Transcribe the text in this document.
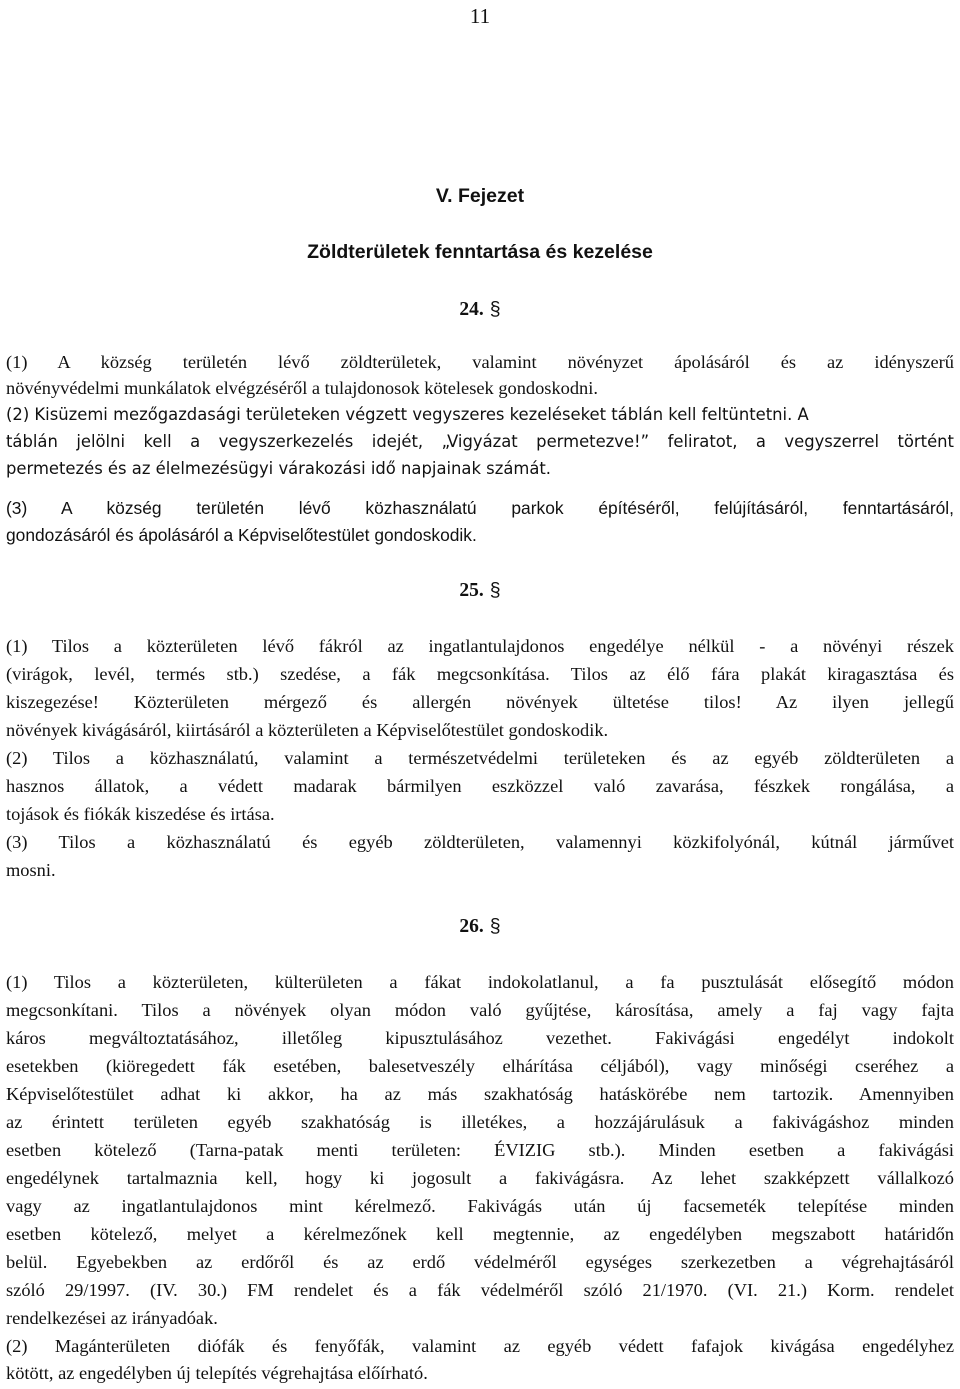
11

V. Fejezet

Zöldterületek fenntartása és kezelése

24. §

(1) A község területén lévő zöldterületek, valamint növényzet ápolásáról és az idényszerű

növényvédelmi munkálatok elvégzéséről a tulajdonosok kötelesek gondoskodni.

(2) Kisüzemi mezőgazdasági területeken végzett vegyszeres kezeléseket táblán kell feltüntetni. A

táblán jelölni kell a vegyszerkezelés idejét, „Vigyázat permetezve!” feliratot, a vegyszerrel történt

permetezés és az élelmezésügyi várakozási idő napjainak számát.

(3) A község területén lévő közhasználatú parkok építéséről, felújításáról, fenntartásáról,

gondozásáról és ápolásáról a Képviselőtestület gondoskodik.

25. §

(1) Tilos a közterületen lévő fákról az ingatlantulajdonos engedélye nélkül - a növényi részek

(virágok, levél, termés stb.) szedése, a fák megcsonkítása. Tilos az élő fára plakát kiragasztása és

kiszegezése! Közterületen mérgező és allergén növények ültetése tilos! Az ilyen jellegű

növények kivágásáról, kiirtásáról a közterületen a Képviselőtestület gondoskodik.

(2) Tilos a közhasználatú, valamint a természetvédelmi területeken és az egyéb zöldterületen a

hasznos állatok, a védett madarak bármilyen eszközzel való zavarása, fészkek rongálása, a

tojások és fiókák kiszedése és irtása.

(3) Tilos a közhasználatú és egyéb zöldterületen, valamennyi közkifolyónál, kútnál járművet

mosni.

26. §

(1) Tilos a közterületen, külterületen a fákat indokolatlanul, a fa pusztulását elősegítő módon

megcsonkítani. Tilos a növények olyan módon való gyűjtése, károsítása, amely a faj vagy fajta

káros megváltoztatásához, illetőleg kipusztulásához vezethet. Fakivágási engedélyt indokolt

esetekben (kiöregedett fák esetében, balesetveszély elhárítása céljából), vagy minőségi cseréhez a

Képviselőtestület adhat ki akkor, ha az más szakhatóság hatáskörébe nem tartozik. Amennyiben

az érintett területen egyéb szakhatóság is illetékes, a hozzájárulásuk a fakivágáshoz minden

esetben kötelező (Tarna-patak menti területen: ÉVIZIG stb.). Minden esetben a fakivágási

engedélynek tartalmaznia kell, hogy ki jogosult a fakivágásra. Az lehet szakképzett vállalkozó

vagy az ingatlantulajdonos mint kérelmező. Fakivágás után új facsemeték telepítése minden

esetben kötelező, melyet a kérelmezőnek kell megtennie, az engedélyben megszabott határidőn

belül. Egyebekben az erdőről és az erdő védelméről egységes szerkezetben a végrehajtásáról

szóló 29/1997. (IV. 30.) FM rendelet és a fák védelméről szóló 21/1970. (VI. 21.) Korm. rendelet

rendelkezései az irányadóak.

(2) Magánterületen diófák és fenyőfák, valamint az egyéb védett fafajok kivágása engedélyhez

kötött, az engedélyben új telepítés végrehajtása előírható.
